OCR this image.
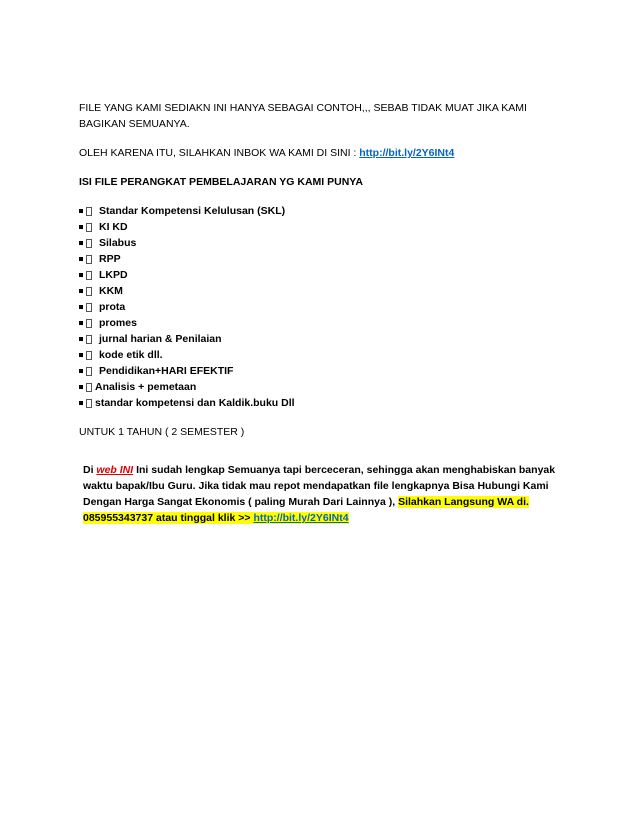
FILE YANG KAMI SEDIAKN INI HANYA SEBAGAI CONTOH,,, SEBAB TIDAK MUAT JIKA KAMI BAGIKAN SEMUANYA.

OLEH KARENA ITU, SILAHKAN INBOK WA KAMI DI SINI : http://bit.ly/2Y6INt4

ISI FILE PERANGKAT PEMBELAJARAN YG KAMI PUNYA

Standar Kompetensi Kelulusan (SKL)
KI KD
Silabus
RPP
LKPD
KKM
prota
promes
jurnal harian & Penilaian
kode etik dll.
Pendidikan+HARI EFEKTIF
Analisis + pemetaan
standar kompetensi dan Kaldik.buku Dll

UNTUK 1 TAHUN ( 2 SEMESTER )

Di web INI Ini sudah lengkap Semuanya tapi berceceran, sehingga akan menghabiskan banyak waktu bapak/Ibu Guru. Jika tidak mau repot mendapatkan file lengkapnya Bisa Hubungi Kami Dengan Harga Sangat Ekonomis ( paling Murah Dari Lainnya ), Silahkan Langsung WA di. 085955343737 atau tinggal klik >> http://bit.ly/2Y6INt4
